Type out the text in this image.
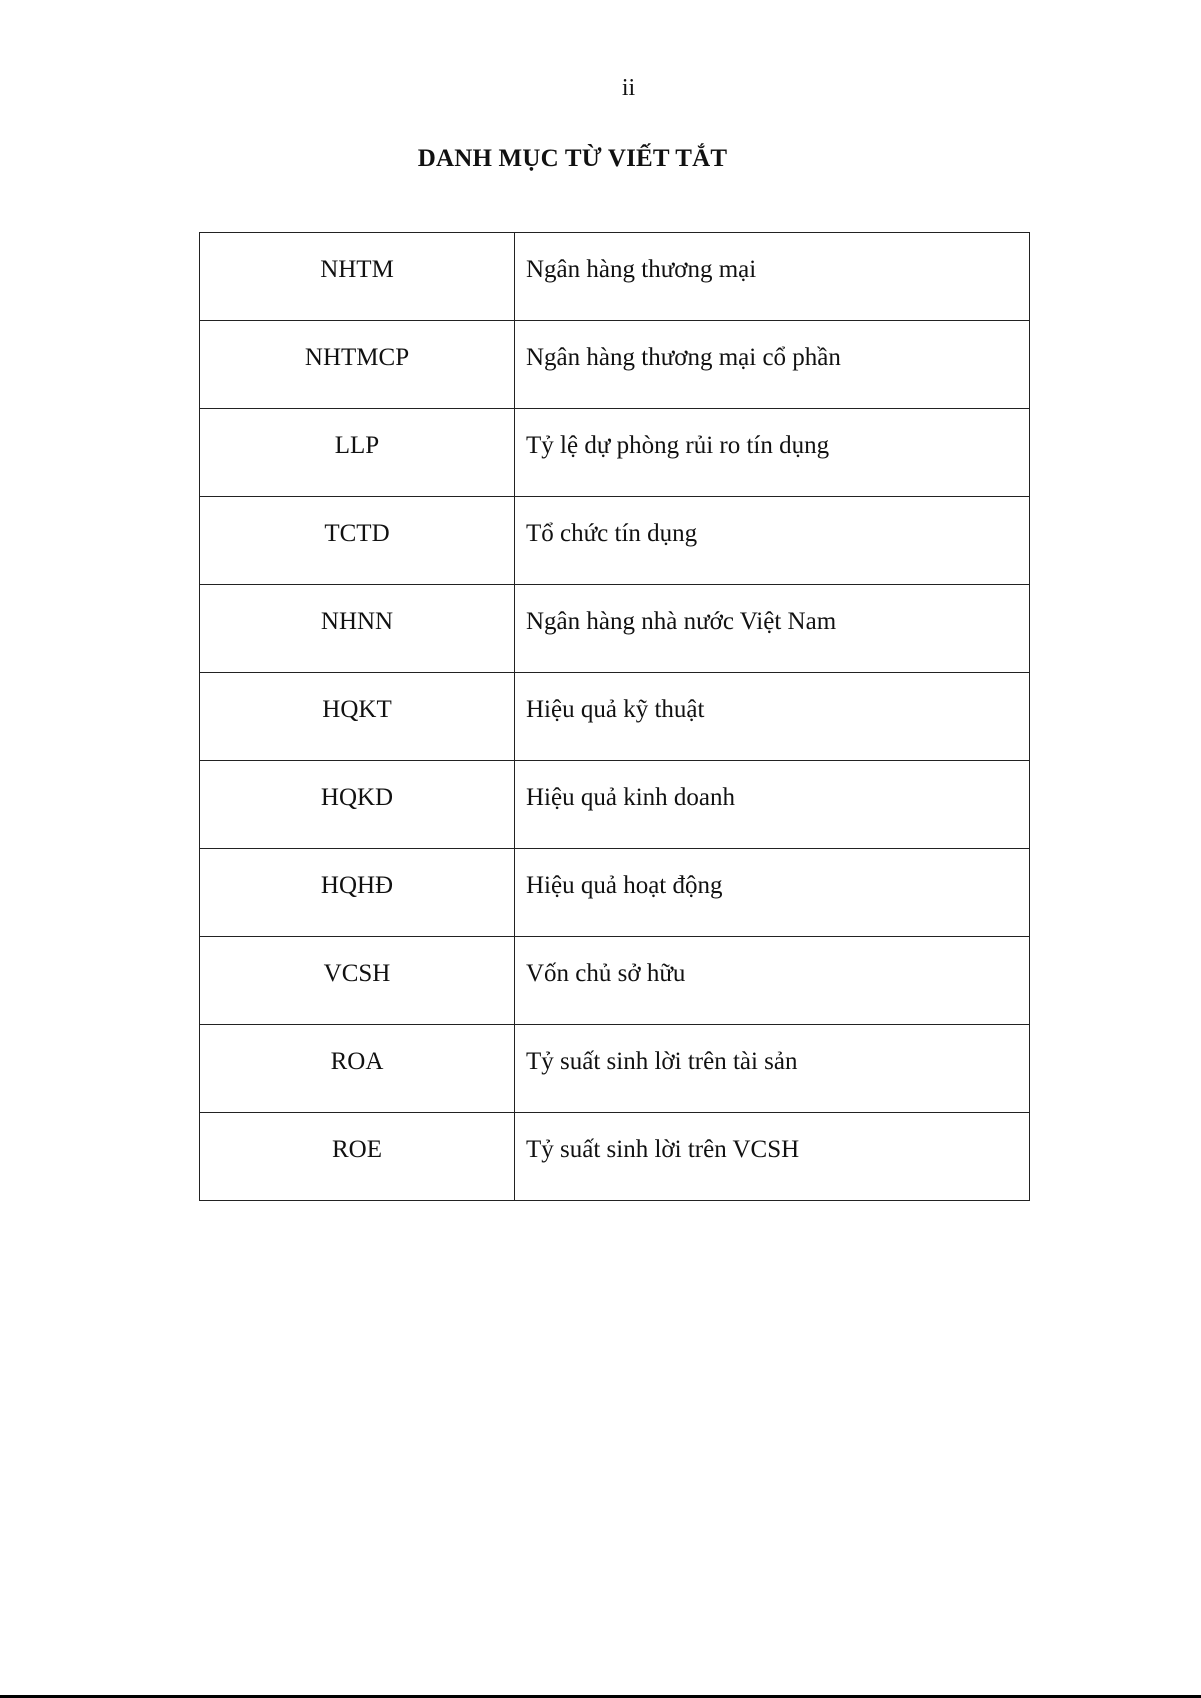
ii
DANH MỤC TỪ VIẾT TẮT
NHTM	Ngân hàng thương mại
NHTMCP	Ngân hàng thương mại cổ phần
LLP	Tỷ lệ dự phòng rủi ro tín dụng
TCTD	Tổ chức tín dụng
NHNN	Ngân hàng nhà nước Việt Nam
HQKT	Hiệu quả kỹ thuật
HQKD	Hiệu quả kinh doanh
HQHĐ	Hiệu quả hoạt động
VCSH	Vốn chủ sở hữu
ROA	Tỷ suất sinh lời trên tài sản
ROE	Tỷ suất sinh lời trên VCSH
